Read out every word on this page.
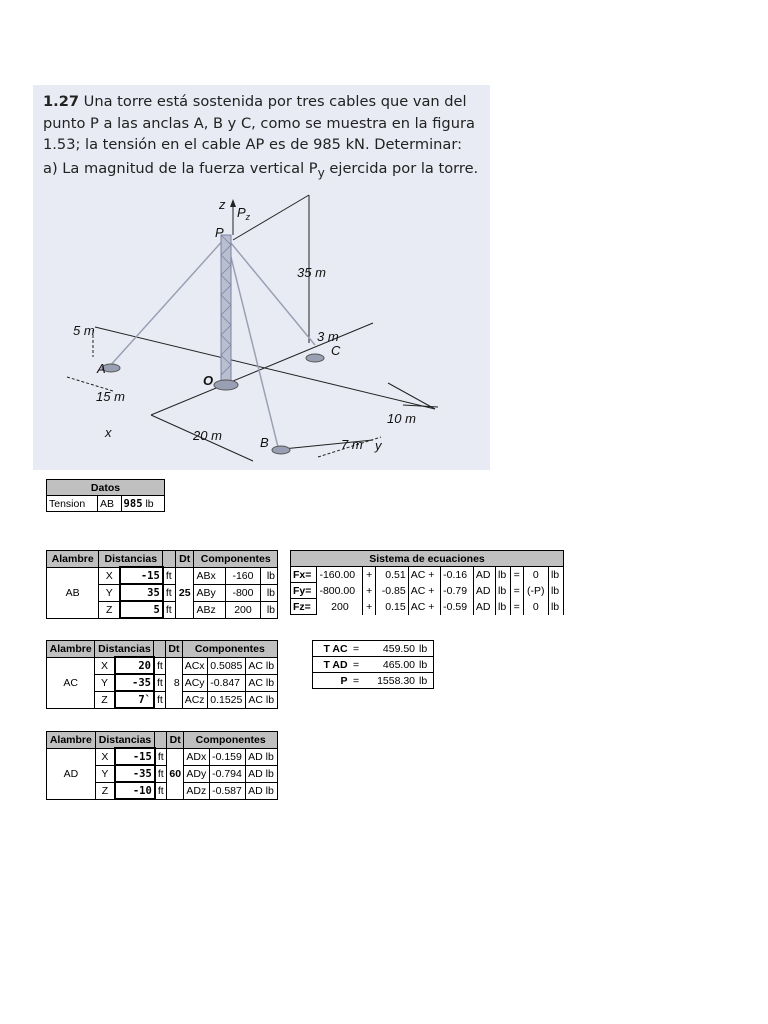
1.27 Una torre está sostenida por tres cables que van del punto P a las anclas A, B y C, como se muestra en la figura 1.53; la tensión en el cable AP es de 985 kN. Determinar:
a) La magnitud de la fuerza vertical $P_y$ ejercida por la torre.
z
$P_z$
P
5 m
A
O
15 m
x	20 m	B	7 m y
10 m
35 m
3 m
C
Datos
Tension	AB	985 lb
Alambre	Distancias			Dt	Componentes		
AB	X	-15	ft	25	ABx	-160	lb
	Y	35	ft		ABy	-800	lb
	Z	5	ft		ABz	200	lb
Alambre	Distancias			Dt	Componentes		
AC	X	20	ft	8	ACx	0.5085	AC lb
	Y	-35	ft		ACy	-0.847	AC lb
	Z	7`	ft		ACz	0.1525	AC lb
Alambre	Distancias			Dt	Componentes		
AD	X	-15	ft	60	ADx	-0.159	AD lb
	Y	-35	ft		ADy	-0.794	AD lb
	Z	-10	ft		ADz	-0.587	AD lb
Sistema de ecuaciones										
Fx=	-160.00	+	0.51	AC +	-0.16	AD	lb	=	0	lb
Fy=	-800.00	+	-0.85	AC +	-0.79	AD	lb	=	(-P)	lb
Fz=	200	+	0.15	AC +	-0.59	AD	lb	=	0	lb
T AC	=	459.50	lb
T AD	=	465.00	lb
P	=	1558.30	lb
